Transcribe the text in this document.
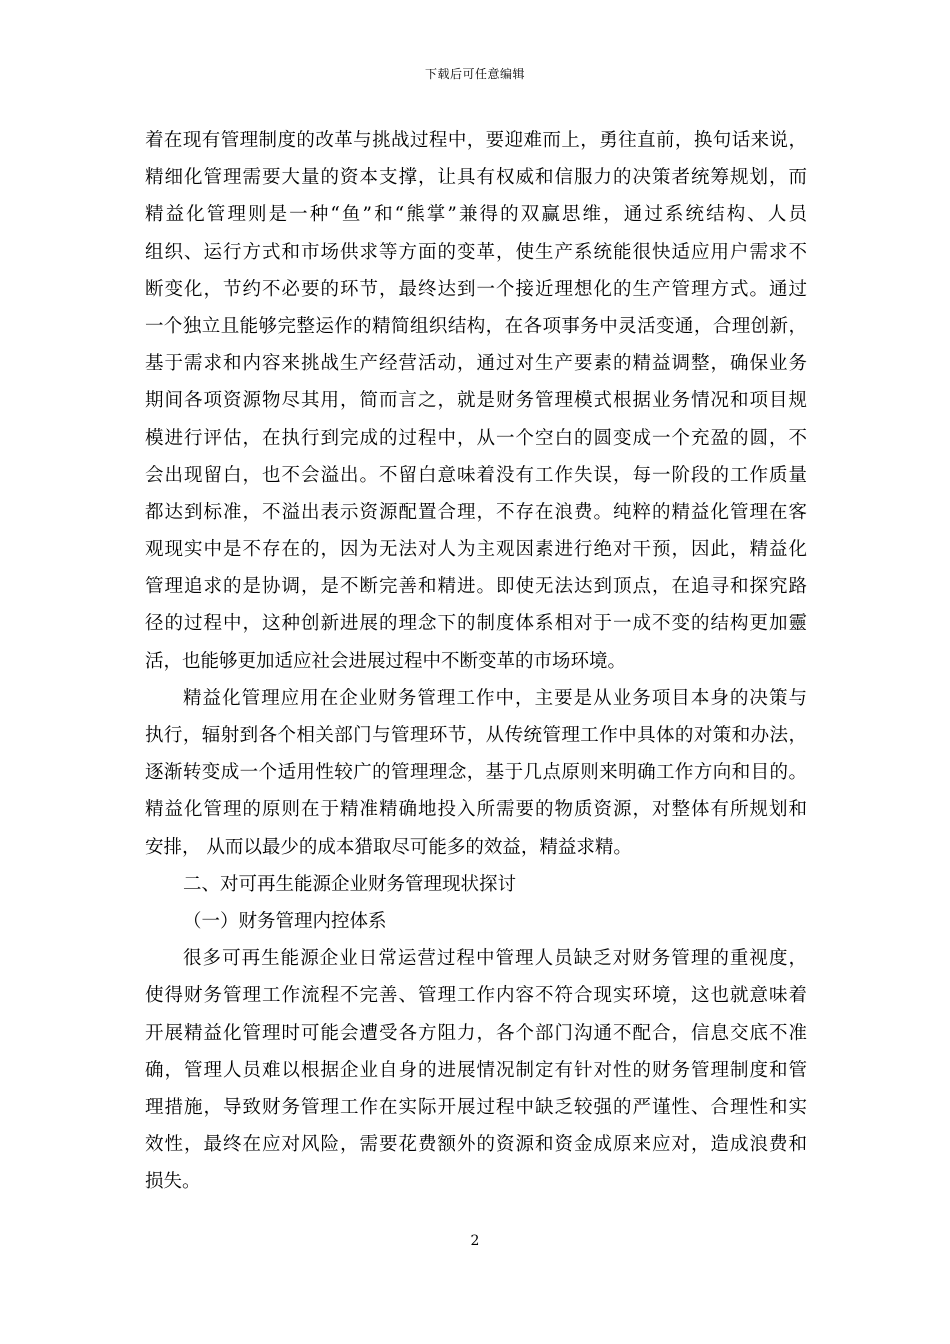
下载后可任意编辑
着在现有管理制度的改革与挑战过程中，要迎难而上，勇往直前，换句话来说，
精细化管理需要大量的资本支撑，让具有权威和信服力的决策者统筹规划，而
精益化管理则是一种“鱼”和“熊掌”兼得的双赢思维，通过系统结构、人员
组织、运行方式和市场供求等方面的变革，使生产系统能很快适应用户需求不
断变化，节约不必要的环节，最终达到一个接近理想化的生产管理方式。通过
一个独立且能够完整运作的精简组织结构，在各项事务中灵活变通，合理创新，
基于需求和内容来挑战生产经营活动，通过对生产要素的精益调整，确保业务
期间各项资源物尽其用，简而言之，就是财务管理模式根据业务情况和项目规
模进行评估，在执行到完成的过程中，从一个空白的圆变成一个充盈的圆，不
会出现留白，也不会溢出。不留白意味着没有工作失误，每一阶段的工作质量
都达到标准，不溢出表示资源配置合理，不存在浪费。纯粹的精益化管理在客
观现实中是不存在的，因为无法对人为主观因素进行绝对干预，因此，精益化
管理追求的是协调，是不断完善和精进。即使无法达到顶点，在追寻和探究路
径的过程中，这种创新进展的理念下的制度体系相对于一成不变的结构更加靈
活，也能够更加适应社会进展过程中不断变革的市场环境。
精益化管理应用在企业财务管理工作中，主要是从业务项目本身的决策与
执行，辐射到各个相关部门与管理环节，从传统管理工作中具体的对策和办法，
逐渐转变成一个适用性较广的管理理念，基于几点原则来明确工作方向和目的。
精益化管理的原则在于精准精确地投入所需要的物质资源，对整体有所规划和
安排， 从而以最少的成本猎取尽可能多的效益，精益求精。
二、对可再生能源企业财务管理现状探讨
（一）财务管理内控体系
很多可再生能源企业日常运营过程中管理人员缺乏对财务管理的重视度，
使得财务管理工作流程不完善、管理工作内容不符合现实环境，这也就意味着
开展精益化管理时可能会遭受各方阻力，各个部门沟通不配合，信息交底不准
确，管理人员难以根据企业自身的进展情况制定有针对性的财务管理制度和管
理措施，导致财务管理工作在实际开展过程中缺乏较强的严谨性、合理性和实
效性，最终在应对风险，需要花费额外的资源和资金成原来应对，造成浪费和
损失。
2
